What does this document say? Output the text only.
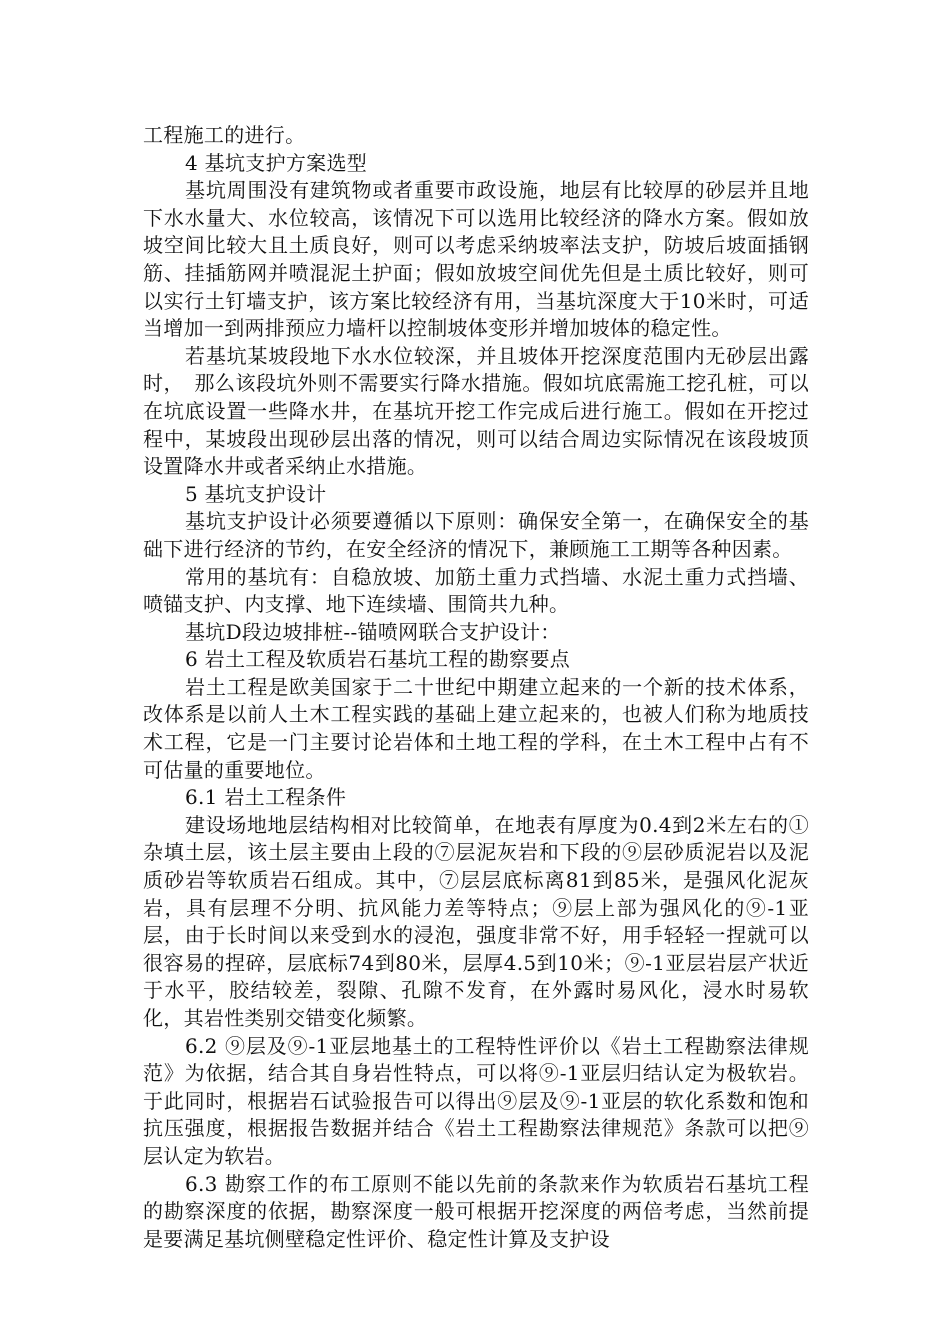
工程施工的进行。

4 基坑支护方案选型

基坑周围没有建筑物或者重要市政设施，地层有比较厚的砂层并且地下水水量大、水位较高，该情况下可以选用比较经济的降水方案。假如放坡空间比较大且土质良好，则可以考虑采纳坡率法支护，防坡后坡面插钢筋、挂插筋网并喷混泥土护面；假如放坡空间优先但是土质比较好，则可以实行土钉墙支护，该方案比较经济有用，当基坑深度大于10米时，可适当增加一到两排预应力墙杆以控制坡体变形并增加坡体的稳定性。

若基坑某坡段地下水水位较深，并且坡体开挖深度范围内无砂层出露时，　那么该段坑外则不需要实行降水措施。假如坑底需施工挖孔桩，可以在坑底设置一些降水井，在基坑开挖工作完成后进行施工。假如在开挖过程中，某坡段出现砂层出落的情况，则可以结合周边实际情况在该段坡顶设置降水井或者采纳止水措施。

5 基坑支护设计

基坑支护设计必须要遵循以下原则：确保安全第一，在确保安全的基础下进行经济的节约，在安全经济的情况下，兼顾施工工期等各种因素。

常用的基坑有：自稳放坡、加筋土重力式挡墙、水泥土重力式挡墙、喷锚支护、内支撑、地下连续墙、围筒共九种。

基坑D段边坡排桩--锚喷网联合支护设计：

6 岩土工程及软质岩石基坑工程的勘察要点

岩土工程是欧美国家于二十世纪中期建立起来的一个新的技术体系，改体系是以前人土木工程实践的基础上建立起来的，也被人们称为地质技术工程，它是一门主要讨论岩体和土地工程的学科，在土木工程中占有不可估量的重要地位。

6.1 岩土工程条件

建设场地地层结构相对比较简单，在地表有厚度为0.4到2米左右的①杂填土层，该土层主要由上段的⑦层泥灰岩和下段的⑨层砂质泥岩以及泥质砂岩等软质岩石组成。其中，⑦层层底标离81到85米，是强风化泥灰岩，具有层理不分明、抗风能力差等特点；⑨层上部为强风化的⑨-1亚层，由于长时间以来受到水的浸泡，强度非常不好，用手轻轻一捏就可以很容易的捏碎，层底标74到80米，层厚4.5到10米；⑨-1亚层岩层产状近于水平，胶结较差，裂隙、孔隙不发育，在外露时易风化，浸水时易软化，其岩性类别交错变化频繁。

6.2 ⑨层及⑨-1亚层地基土的工程特性评价以《岩土工程勘察法律规范》为依据，结合其自身岩性特点，可以将⑨-1亚层归结认定为极软岩。于此同时，根据岩石试验报告可以得出⑨层及⑨-1亚层的软化系数和饱和抗压强度，根据报告数据并结合《岩土工程勘察法律规范》条款可以把⑨层认定为软岩。

6.3 勘察工作的布工原则不能以先前的条款来作为软质岩石基坑工程的勘察深度的依据，勘察深度一般可根据开挖深度的两倍考虑，当然前提是要满足基坑侧壁稳定性评价、稳定性计算及支护设
